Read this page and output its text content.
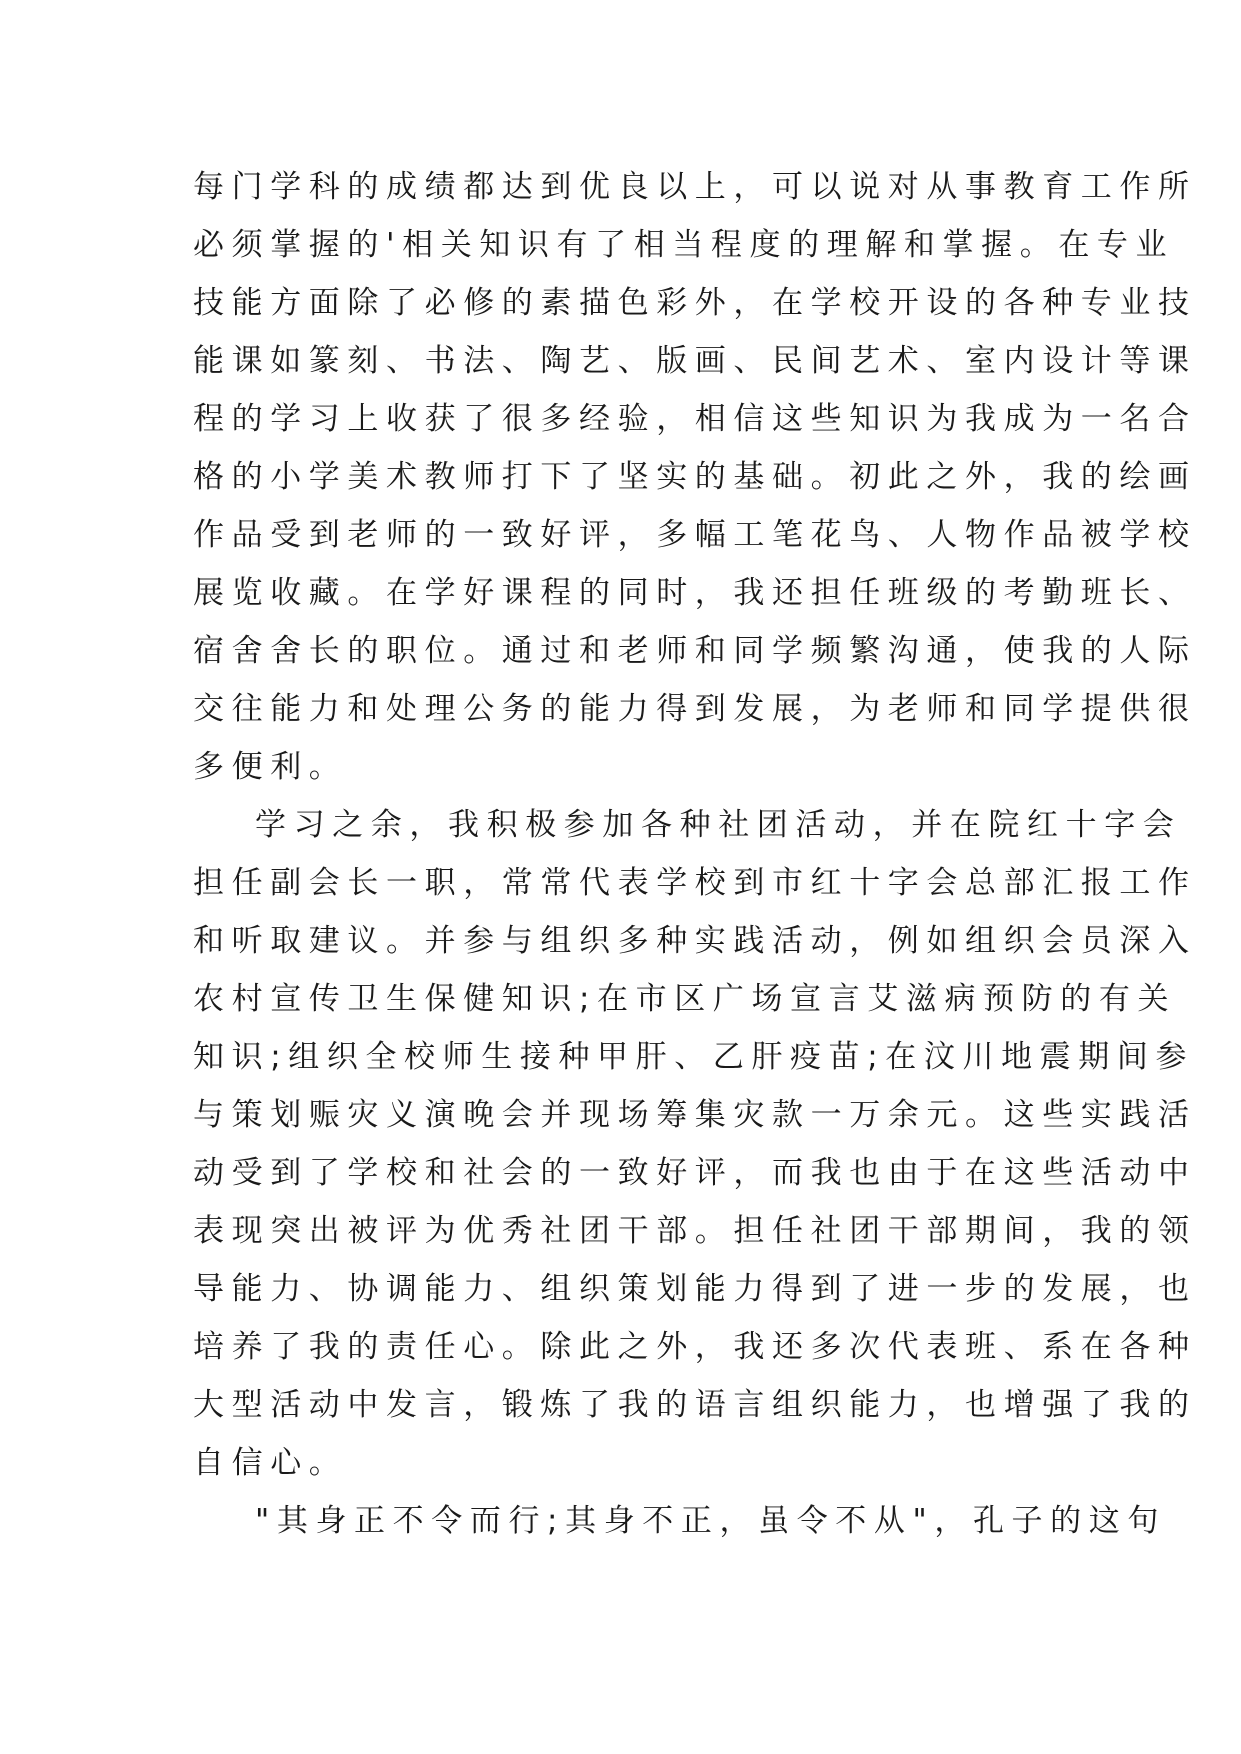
每门学科的成绩都达到优良以上，可以说对从事教育工作所
必须掌握的'相关知识有了相当程度的理解和掌握。在专业
技能方面除了必修的素描色彩外，在学校开设的各种专业技
能课如篆刻、书法、陶艺、版画、民间艺术、室内设计等课
程的学习上收获了很多经验，相信这些知识为我成为一名合
格的小学美术教师打下了坚实的基础。初此之外，我的绘画
作品受到老师的一致好评，多幅工笔花鸟、人物作品被学校
展览收藏。在学好课程的同时，我还担任班级的考勤班长、
宿舍舍长的职位。通过和老师和同学频繁沟通，使我的人际
交往能力和处理公务的能力得到发展，为老师和同学提供很
多便利。
学习之余，我积极参加各种社团活动，并在院红十字会
担任副会长一职，常常代表学校到市红十字会总部汇报工作
和听取建议。并参与组织多种实践活动，例如组织会员深入
农村宣传卫生保健知识;在市区广场宣言艾滋病预防的有关
知识;组织全校师生接种甲肝、乙肝疫苗;在汶川地震期间参
与策划赈灾义演晚会并现场筹集灾款一万余元。这些实践活
动受到了学校和社会的一致好评，而我也由于在这些活动中
表现突出被评为优秀社团干部。担任社团干部期间，我的领
导能力、协调能力、组织策划能力得到了进一步的发展，也
培养了我的责任心。除此之外，我还多次代表班、系在各种
大型活动中发言，锻炼了我的语言组织能力，也增强了我的
自信心。
"其身正不令而行;其身不正，虽令不从"，孔子的这句
